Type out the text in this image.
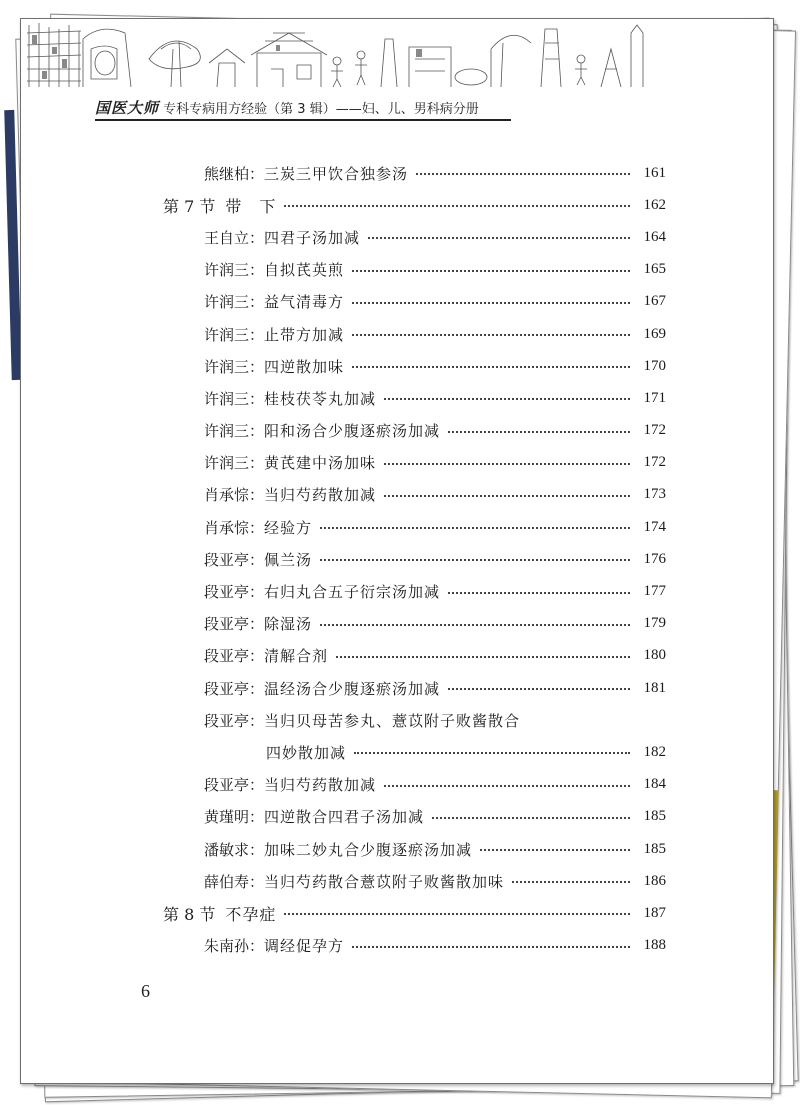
国医大师 专科专病用方经验（第 3 辑）——妇、儿、男科病分册
熊继柏 ： 三炭三甲饮合独参汤	161
第 7 节 带　下	162
王自立 ： 四君子汤加减	164
许润三 ： 自拟芪英煎	165
许润三 ： 益气清毒方	167
许润三 ： 止带方加减	169
许润三 ： 四逆散加味	170
许润三 ： 桂枝茯苓丸加减	171
许润三 ： 阳和汤合少腹逐瘀汤加减	172
许润三 ： 黄芪建中汤加味	172
肖承悰 ： 当归芍药散加减	173
肖承悰 ： 经验方	174
段亚亭 ： 佩兰汤	176
段亚亭 ： 右归丸合五子衍宗汤加减	177
段亚亭 ： 除湿汤	179
段亚亭 ： 清解合剂	180
段亚亭 ： 温经汤合少腹逐瘀汤加减	181
段亚亭 ： 当归贝母苦参丸、薏苡附子败酱散合
四妙散加减	182
段亚亭 ： 当归芍药散加减	184
黄瑾明 ： 四逆散合四君子汤加减	185
潘敏求 ： 加味二妙丸合少腹逐瘀汤加减	185
薛伯寿 ： 当归芍药散合薏苡附子败酱散加味	186
第 8 节 不孕症	187
朱南孙 ： 调经促孕方	188
6
